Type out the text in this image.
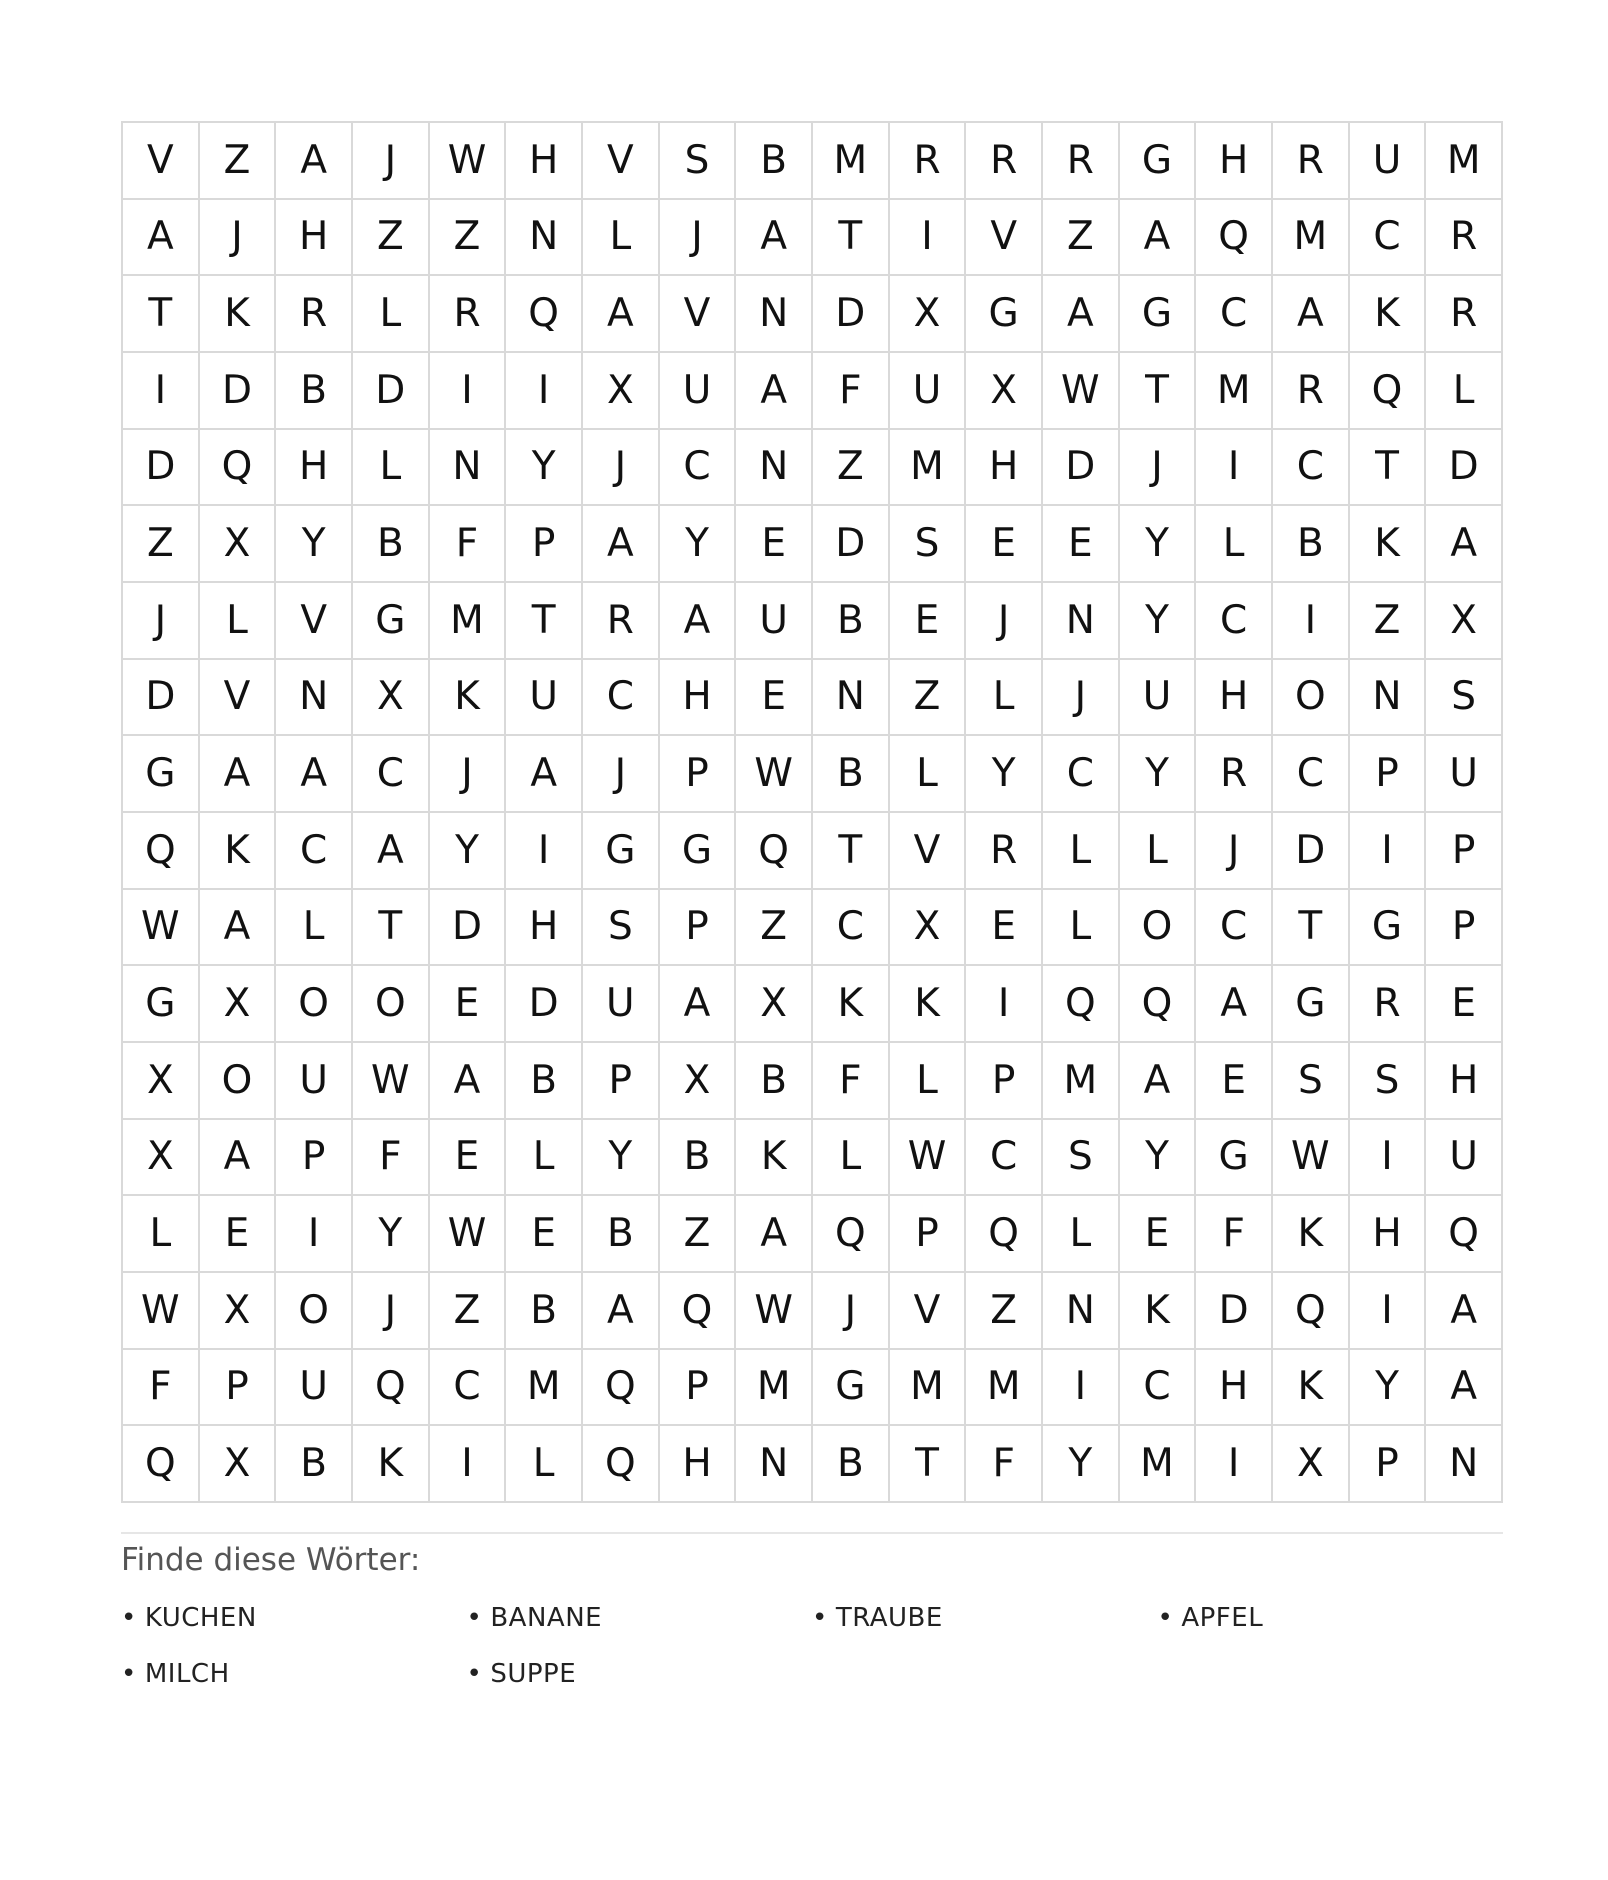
V	Z	A	J	W	H	V	S	B	M	R	R	R	G	H	R	U	M
A	J	H	Z	Z	N	L	J	A	T	I	V	Z	A	Q	M	C	R
T	K	R	L	R	Q	A	V	N	D	X	G	A	G	C	A	K	R
I	D	B	D	I	I	X	U	A	F	U	X	W	T	M	R	Q	L
D	Q	H	L	N	Y	J	C	N	Z	M	H	D	J	I	C	T	D
Z	X	Y	B	F	P	A	Y	E	D	S	E	E	Y	L	B	K	A
J	L	V	G	M	T	R	A	U	B	E	J	N	Y	C	I	Z	X
D	V	N	X	K	U	C	H	E	N	Z	L	J	U	H	O	N	S
G	A	A	C	J	A	J	P	W	B	L	Y	C	Y	R	C	P	U
Q	K	C	A	Y	I	G	G	Q	T	V	R	L	L	J	D	I	P
W	A	L	T	D	H	S	P	Z	C	X	E	L	O	C	T	G	P
G	X	O	O	E	D	U	A	X	K	K	I	Q	Q	A	G	R	E
X	O	U	W	A	B	P	X	B	F	L	P	M	A	E	S	S	H
X	A	P	F	E	L	Y	B	K	L	W	C	S	Y	G	W	I	U
L	E	I	Y	W	E	B	Z	A	Q	P	Q	L	E	F	K	H	Q
W	X	O	J	Z	B	A	Q	W	J	V	Z	N	K	D	Q	I	A
F	P	U	Q	C	M	Q	P	M	G	M	M	I	C	H	K	Y	A
Q	X	B	K	I	L	Q	H	N	B	T	F	Y	M	I	X	P	N
Finde diese Wörter:
• KUCHEN	• BANANE	• TRAUBE	• APFEL
• MILCH	• SUPPE
